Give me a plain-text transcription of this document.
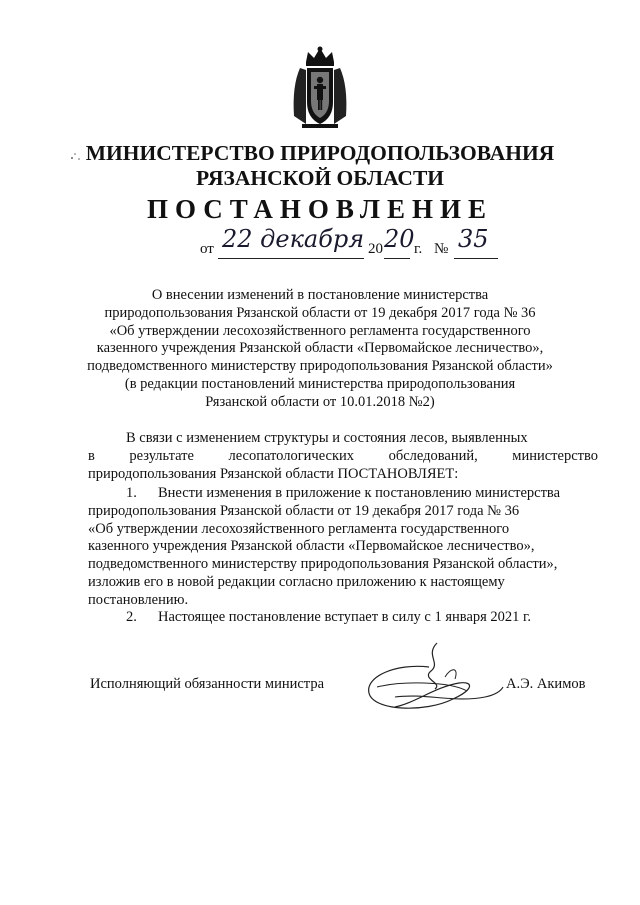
МИНИСТЕРСТВО ПРИРОДОПОЛЬЗОВАНИЯ
РЯЗАНСКОЙ ОБЛАСТИ
ПОСТАНОВЛЕНИЕ
от 22 декабря 20 20 г. № 35
О внесении изменений в постановление министерства
природопользования Рязанской области от 19 декабря 2017 года № 36
«Об утверждении лесохозяйственного регламента государственного
казенного учреждения Рязанской области «Первомайское лесничество»,
подведомственного министерству природопользования Рязанской области»
(в редакции постановлений министерства природопользования
Рязанской области от 10.01.2018 №2)
В связи с изменением структуры и состояния лесов, выявленных
в результате лесопатологических обследований, министерство
природопользования Рязанской области ПОСТАНОВЛЯЕТ:
1. Внести изменения в приложение к постановлению министерства
природопользования Рязанской области от 19 декабря 2017 года № 36
«Об утверждении лесохозяйственного регламента государственного
казенного учреждения Рязанской области «Первомайское лесничество»,
подведомственного министерству природопользования Рязанской области»,
изложив его в новой редакции согласно приложению к настоящему
постановлению.
2. Настоящее постановление вступает в силу с 1 января 2021 г.
Исполняющий обязанности министра	А.Э. Акимов
